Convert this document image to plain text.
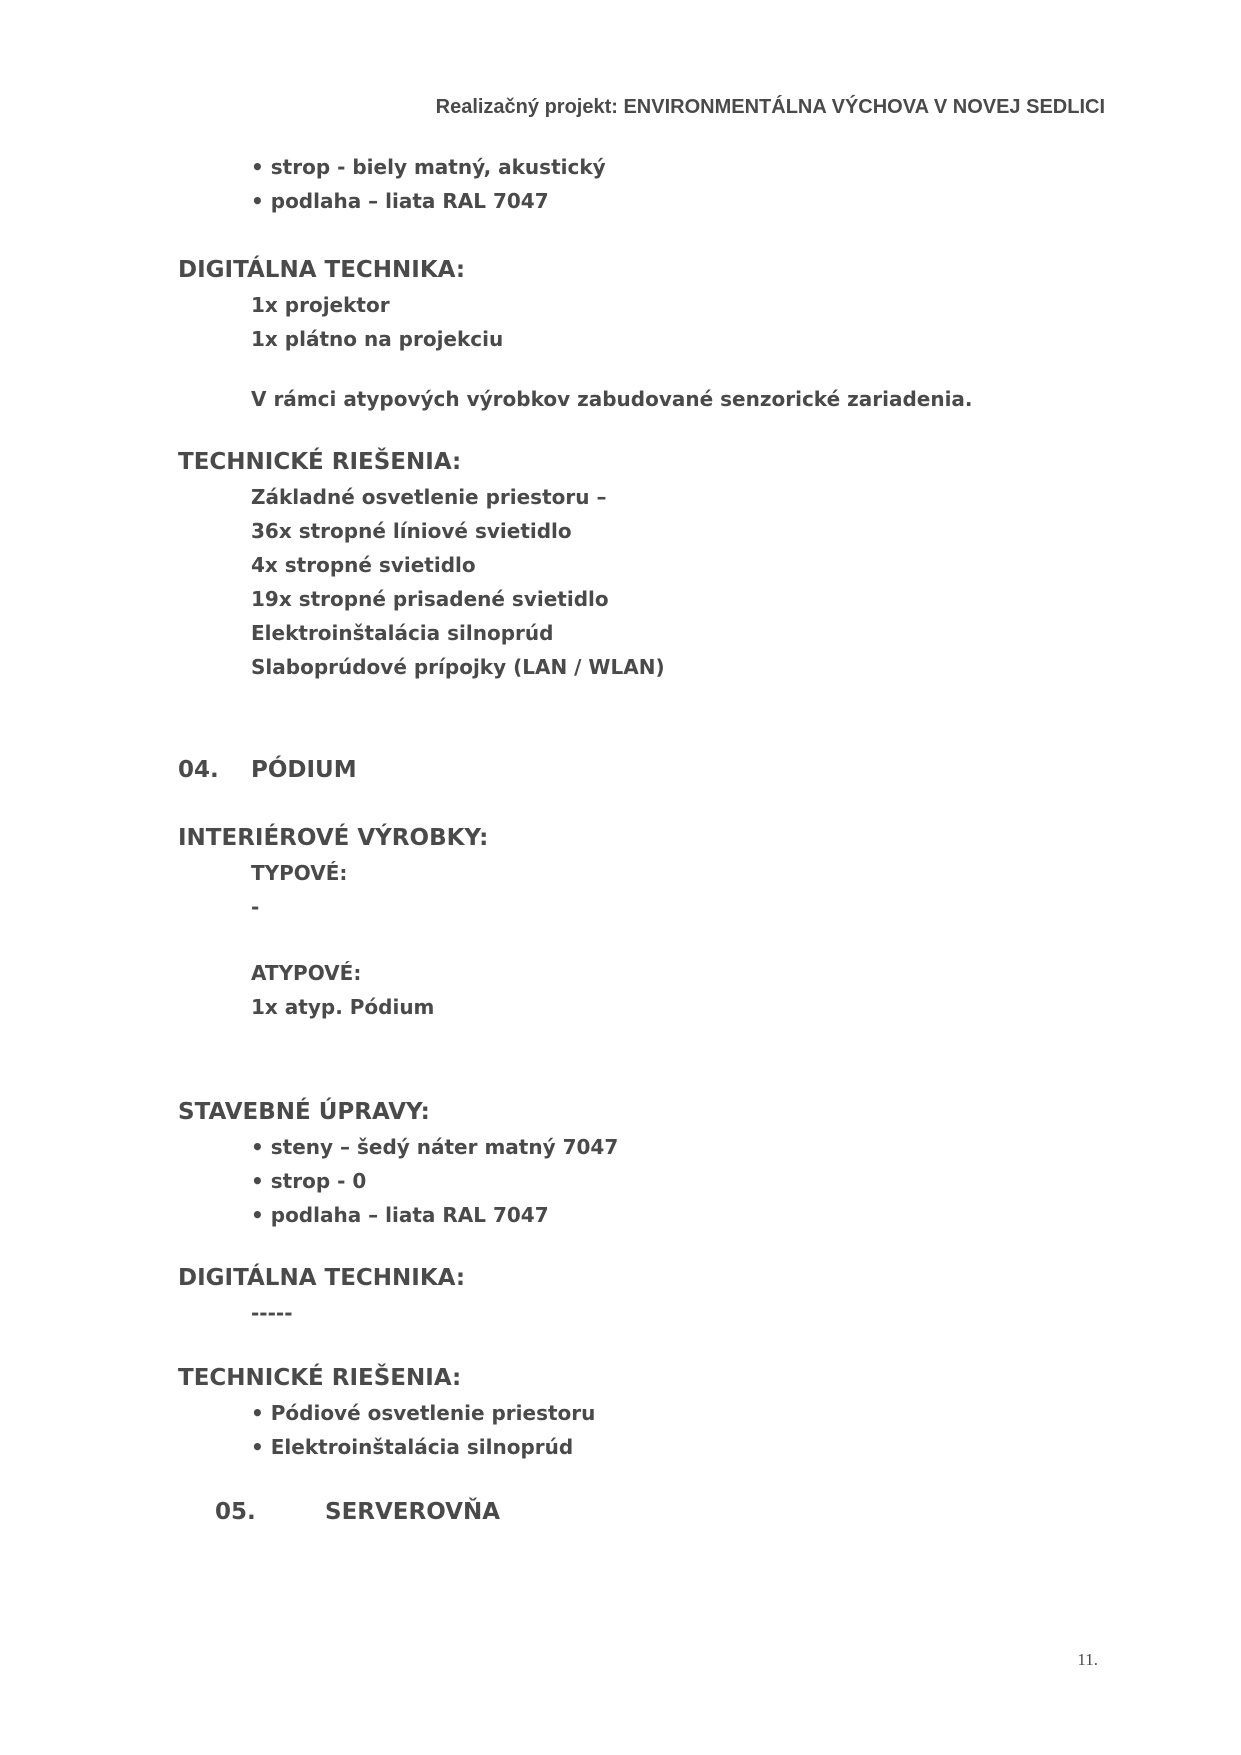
Realizačný projekt: ENVIRONMENTÁLNA VÝCHOVA V NOVEJ SEDLICI
• strop - biely matný, akustický
• podlaha – liata RAL 7047
DIGITÁLNA TECHNIKA:
1x projektor
1x plátno na projekciu
V rámci atypových výrobkov zabudované senzorické zariadenia.
TECHNICKÉ RIEŠENIA:
Základné osvetlenie priestoru –
36x stropné líniové svietidlo
4x stropné svietidlo
19x stropné prisadené svietidlo
Elektroinštalácia silnoprúd
Slaboprúdové prípojky (LAN / WLAN)
04.	PÓDIUM
INTERIÉROVÉ VÝROBKY:
TYPOVÉ:
-
ATYPOVÉ:
1x atyp. Pódium
STAVEBNÉ ÚPRAVY:
• steny – šedý náter matný 7047
• strop - 0
• podlaha – liata RAL 7047
DIGITÁLNA TECHNIKA:
-----
TECHNICKÉ RIEŠENIA:
• Pódiové osvetlenie priestoru
• Elektroinštalácia silnoprúd
05.	SERVEROVŇA
11.
